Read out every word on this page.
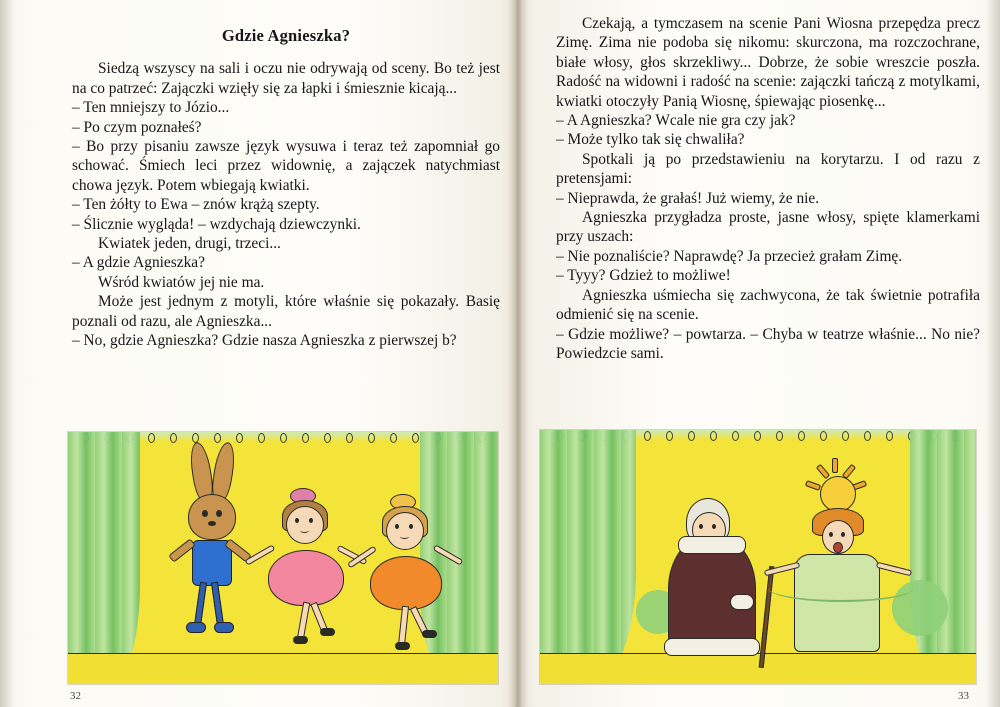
Gdzie Agnieszka?

Siedzą wszyscy na sali i oczu nie odrywają od sceny. Bo też jest na co patrzeć: Zajączki wzięły się za łapki i śmiesznie kicają...

– Ten mniejszy to Józio...

– Po czym poznałeś?

– Bo przy pisaniu zawsze język wysuwa i teraz też zapomniał go schować. Śmiech leci przez widownię, a zajączek natychmiast chowa język. Potem wbiegają kwiatki.

– Ten żółty to Ewa – znów krążą szepty.

– Ślicznie wygląda! – wzdychają dziewczynki.

Kwiatek jeden, drugi, trzeci...

– A gdzie Agnieszka?

Wśród kwiatów jej nie ma.

Może jest jednym z motyli, które właśnie się pokazały. Basię poznali od razu, ale Agnieszka...

– No, gdzie Agnieszka? Gdzie nasza Agnieszka z pierwszej b?

Czekają, a tymczasem na scenie Pani Wiosna przepędza precz Zimę. Zima nie podoba się nikomu: skurczona, ma rozczochrane, białe włosy, głos skrzekliwy... Dobrze, że sobie wreszcie poszła. Radość na widowni i radość na scenie: zajączki tańczą z motylkami, kwiatki otoczyły Panią Wiosnę, śpiewając piosenkę...

– A Agnieszka? Wcale nie gra czy jak?

– Może tylko tak się chwaliła?

Spotkali ją po przedstawieniu na korytarzu. I od razu z pretensjami:

– Nieprawda, że grałaś! Już wiemy, że nie.

Agnieszka przygładza proste, jasne włosy, spięte klamerkami przy uszach:

– Nie poznaliście? Naprawdę? Ja przecież grałam Zimę.

– Tyyy? Gdzież to możliwe!

Agnieszka uśmiecha się zachwycona, że tak świetnie potrafiła odmienić się na scenie.

– Gdzie możliwe? – powtarza. – Chyba w teatrze właśnie... No nie? Powiedzcie sami.

32	33
